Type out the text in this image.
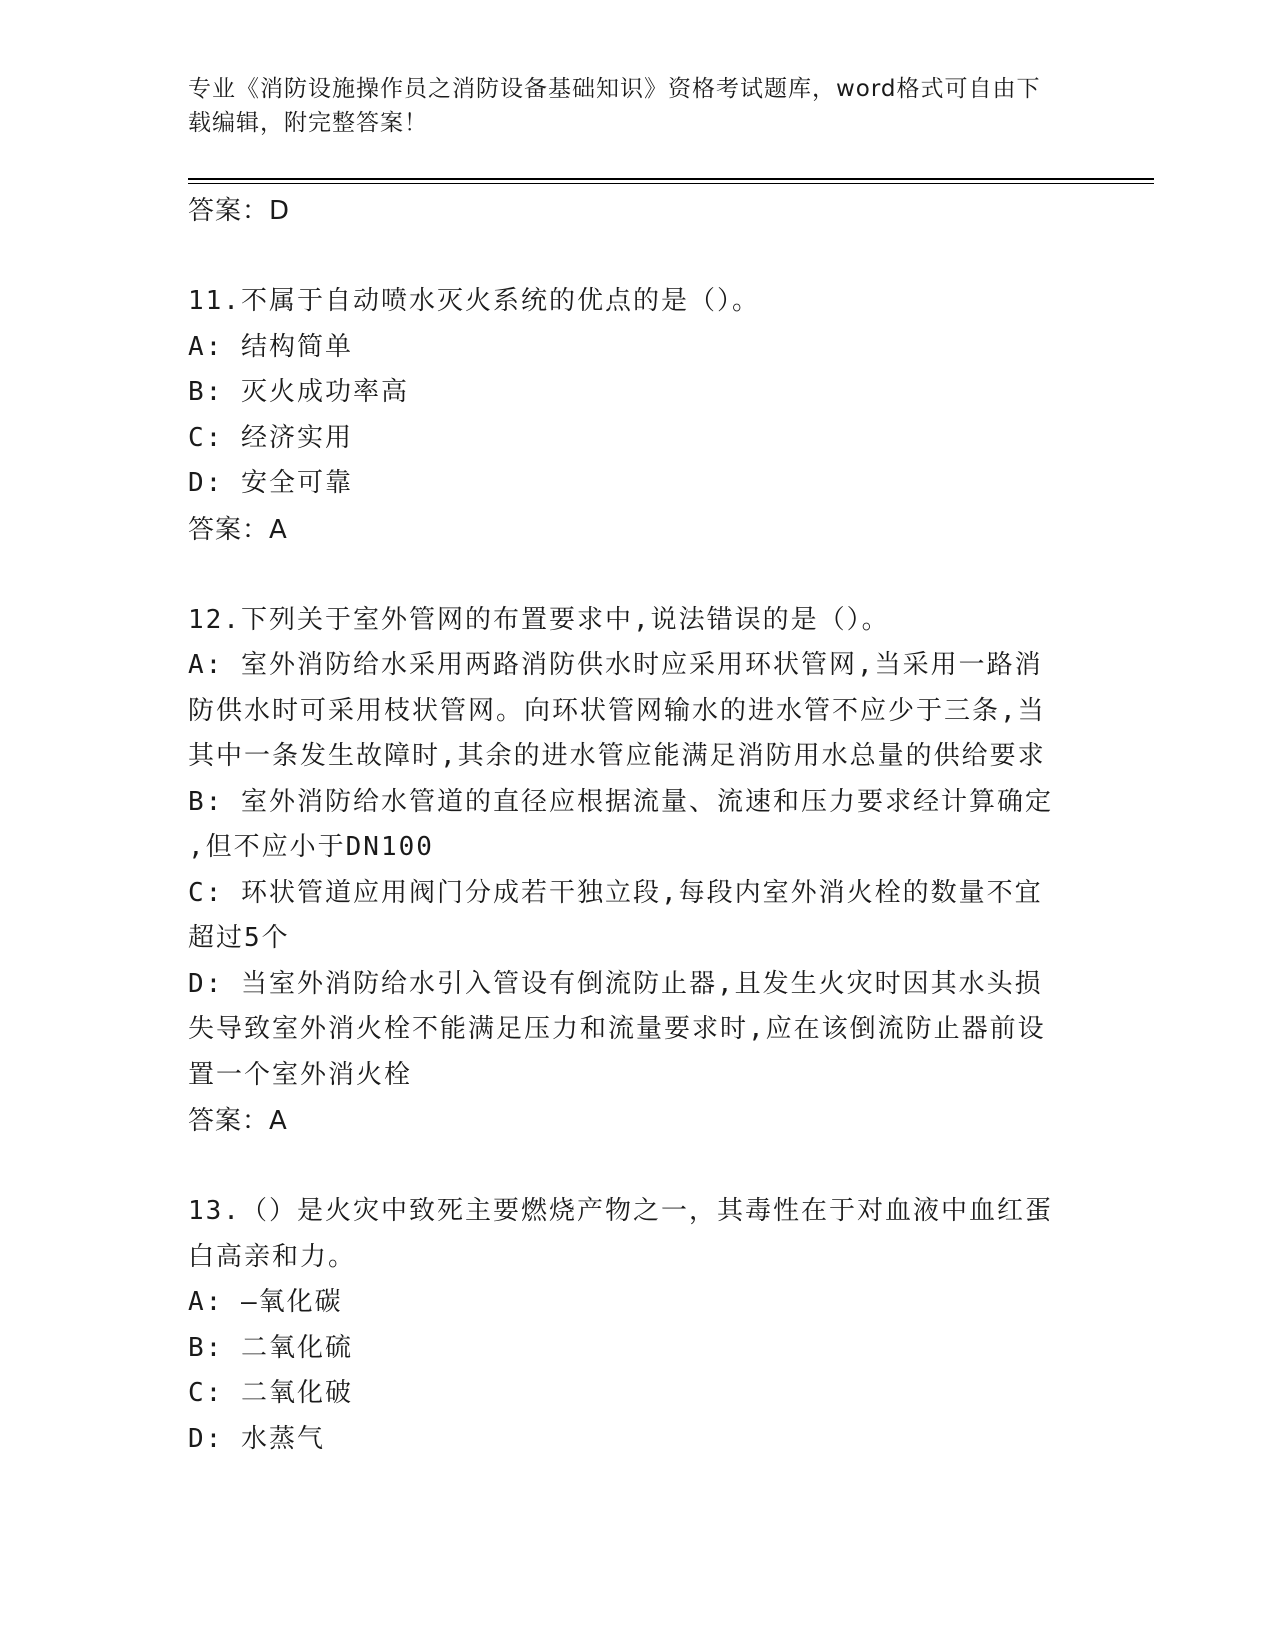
专业《消防设施操作员之消防设备基础知识》资格考试题库，word格式可自由下
载编辑，附完整答案！
答案：D
11.不属于自动喷水灭火系统的优点的是（）。
A: 结构简单
B: 灭火成功率高
C: 经济实用
D: 安全可靠
答案：A
12.下列关于室外管网的布置要求中,说法错误的是（）。
A: 室外消防给水采用两路消防供水时应采用环状管网,当采用一路消
防供水时可采用枝状管网。向环状管网输水的进水管不应少于三条,当
其中一条发生故障时,其余的进水管应能满足消防用水总量的供给要求
B: 室外消防给水管道的直径应根据流量、流速和压力要求经计算确定
,但不应小于DN100
C: 环状管道应用阀门分成若干独立段,每段内室外消火栓的数量不宜
超过5个
D: 当室外消防给水引入管设有倒流防止器,且发生火灾时因其水头损
失导致室外消火栓不能满足压力和流量要求时,应在该倒流防止器前设
置一个室外消火栓
答案：A
13.（）是火灾中致死主要燃烧产物之一，其毒性在于对血液中血红蛋
白高亲和力。
A: —氧化碳
B: 二氧化硫
C: 二氧化破
D: 水蒸气
